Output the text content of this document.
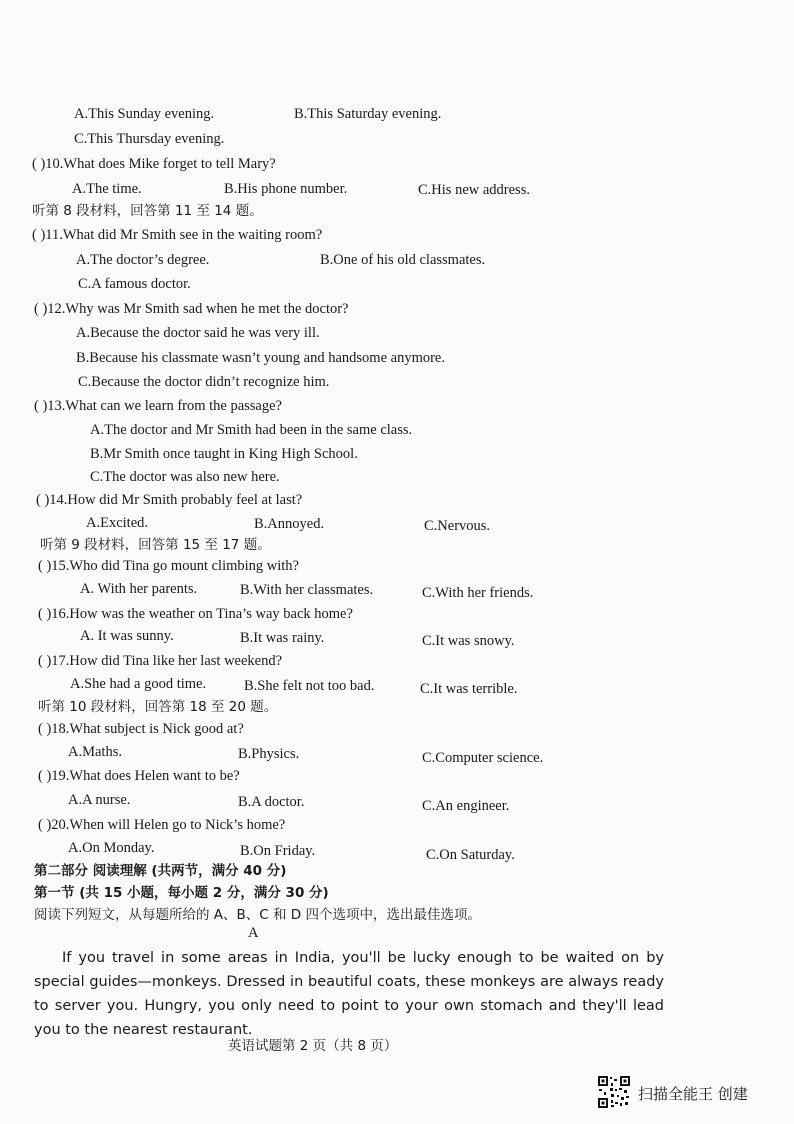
A.This Sunday evening.	B.This Saturday evening.
C.This Thursday evening.
( )10.What does Mike forget to tell Mary?
A.The time.	B.His phone number.	C.His new address.
听第 8 段材料，回答第 11 至 14 题。
( )11.What did Mr Smith see in the waiting room?
A.The doctor’s degree.	B.One of his old classmates.
C.A famous doctor.
( )12.Why was Mr Smith sad when he met the doctor?
A.Because the doctor said he was very ill.
B.Because his classmate wasn’t young and handsome anymore.
C.Because the doctor didn’t recognize him.
( )13.What can we learn from the passage?
A.The doctor and Mr Smith had been in the same class.
B.Mr Smith once taught in King High School.
C.The doctor was also new here.
( )14.How did Mr Smith probably feel at last?
A.Excited.	B.Annoyed.	C.Nervous.
听第 9 段材料，回答第 15 至 17 题。
( )15.Who did Tina go mount climbing with?
A. With her parents.	B.With her classmates.	C.With her friends.
( )16.How was the weather on Tina’s way back home?
A. It was sunny.	B.It was rainy.	C.It was snowy.
( )17.How did Tina like her last weekend?
A.She had a good time.	B.She felt not too bad.	C.It was terrible.
听第 10 段材料，回答第 18 至 20 题。
( )18.What subject is Nick good at?
A.Maths.	B.Physics.	C.Computer science.
( )19.What does Helen want to be?
A.A nurse.	B.A doctor.	C.An engineer.
( )20.When will Helen go to Nick’s home?
A.On Monday.	B.On Friday.	C.On Saturday.
第二部分 阅读理解 (共两节，满分 40 分)
第一节 (共 15 小题，每小题 2 分，满分 30 分)
阅读下列短文，从每题所给的 A、B、C 和 D 四个选项中，选出最佳选项。
A

If you travel in some areas in India, you'll be lucky enough to be waited on by special guides—monkeys. Dressed in beautiful coats, these monkeys are always ready to server you. Hungry, you only need to point to your own stomach and they'll lead you to the nearest restaurant.

英语试题第 2 页（共 8 页）
扫描全能王 创建
